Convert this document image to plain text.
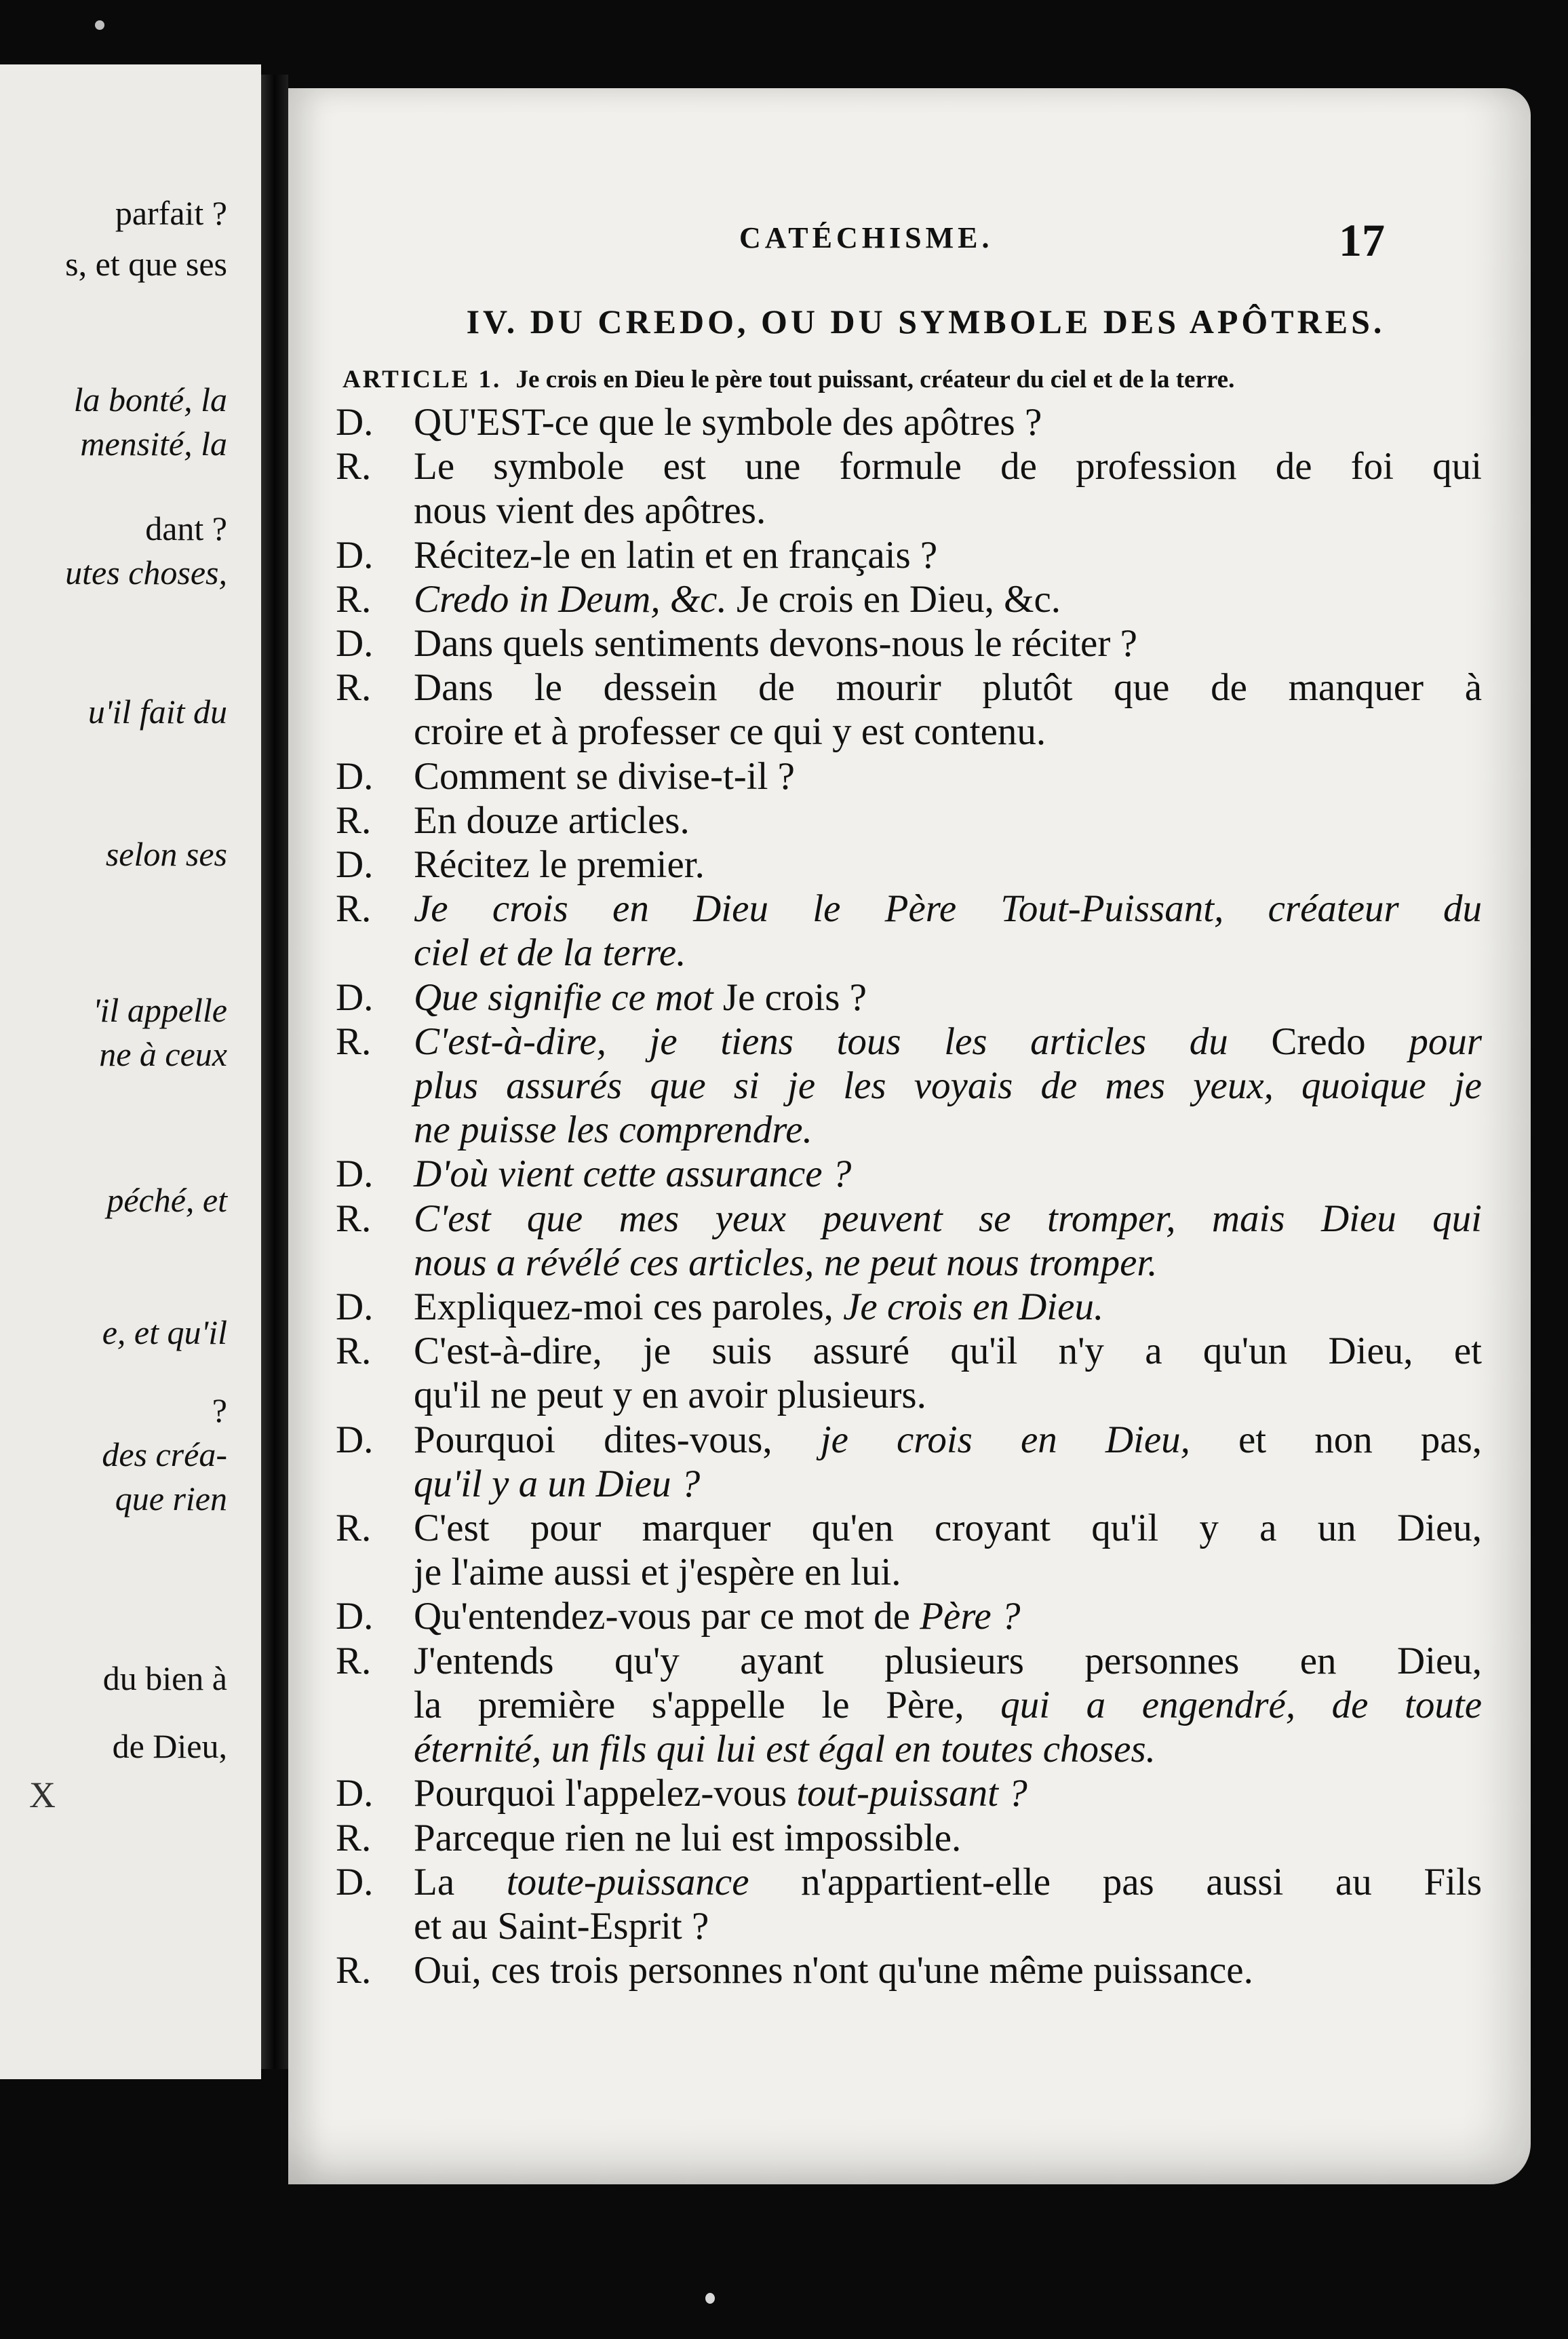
parfait ?
s, et que ses
la bonté, la
mensité, la
dant ?
utes choses,
u'il fait du
selon ses
'il appelle
ne à ceux
péché, et
e, et qu'il
?
des créa-
que rien
du bien à
de Dieu,
CATÉCHISME.	17
IV. DU CREDO, OU DU SYMBOLE DES APÔTRES.
ARTICLE 1. Je crois en Dieu le père tout puissant, créateur du ciel et de la terre.
D.	QU'EST-ce que le symbole des apôtres ?
R.	Le symbole est une formule de profession de foi qui
nous vient des apôtres.
D.	Récitez-le en latin et en français ?
R.	Credo in Deum, &c. Je crois en Dieu, &c.
D.	Dans quels sentiments devons-nous le réciter ?
R.	Dans le dessein de mourir plutôt que de manquer à
croire et à professer ce qui y est contenu.
D.	Comment se divise-t-il ?
R.	En douze articles.
D.	Récitez le premier.
R.	Je crois en Dieu le Père Tout-Puissant, créateur du
ciel et de la terre.
D.	Que signifie ce mot Je crois ?
R.	C'est-à-dire, je tiens tous les articles du Credo pour
plus assurés que si je les voyais de mes yeux, quoique je
ne puisse les comprendre.
D.	D'où vient cette assurance ?
R.	C'est que mes yeux peuvent se tromper, mais Dieu qui
nous a révélé ces articles, ne peut nous tromper.
D.	Expliquez-moi ces paroles, Je crois en Dieu.
R.	C'est-à-dire, je suis assuré qu'il n'y a qu'un Dieu, et
qu'il ne peut y en avoir plusieurs.
D.	Pourquoi dites-vous, je crois en Dieu, et non pas,
qu'il y a un Dieu ?
R.	C'est pour marquer qu'en croyant qu'il y a un Dieu,
je l'aime aussi et j'espère en lui.
D.	Qu'entendez-vous par ce mot de Père ?
R.	J'entends qu'y ayant plusieurs personnes en Dieu,
la première s'appelle le Père, qui a engendré, de toute
éternité, un fils qui lui est égal en toutes choses.
D.	Pourquoi l'appelez-vous tout-puissant ?
R.	Parceque rien ne lui est impossible.
D.	La toute-puissance n'appartient-elle pas aussi au Fils
et au Saint-Esprit ?
R.	Oui, ces trois personnes n'ont qu'une même puissance.
X
